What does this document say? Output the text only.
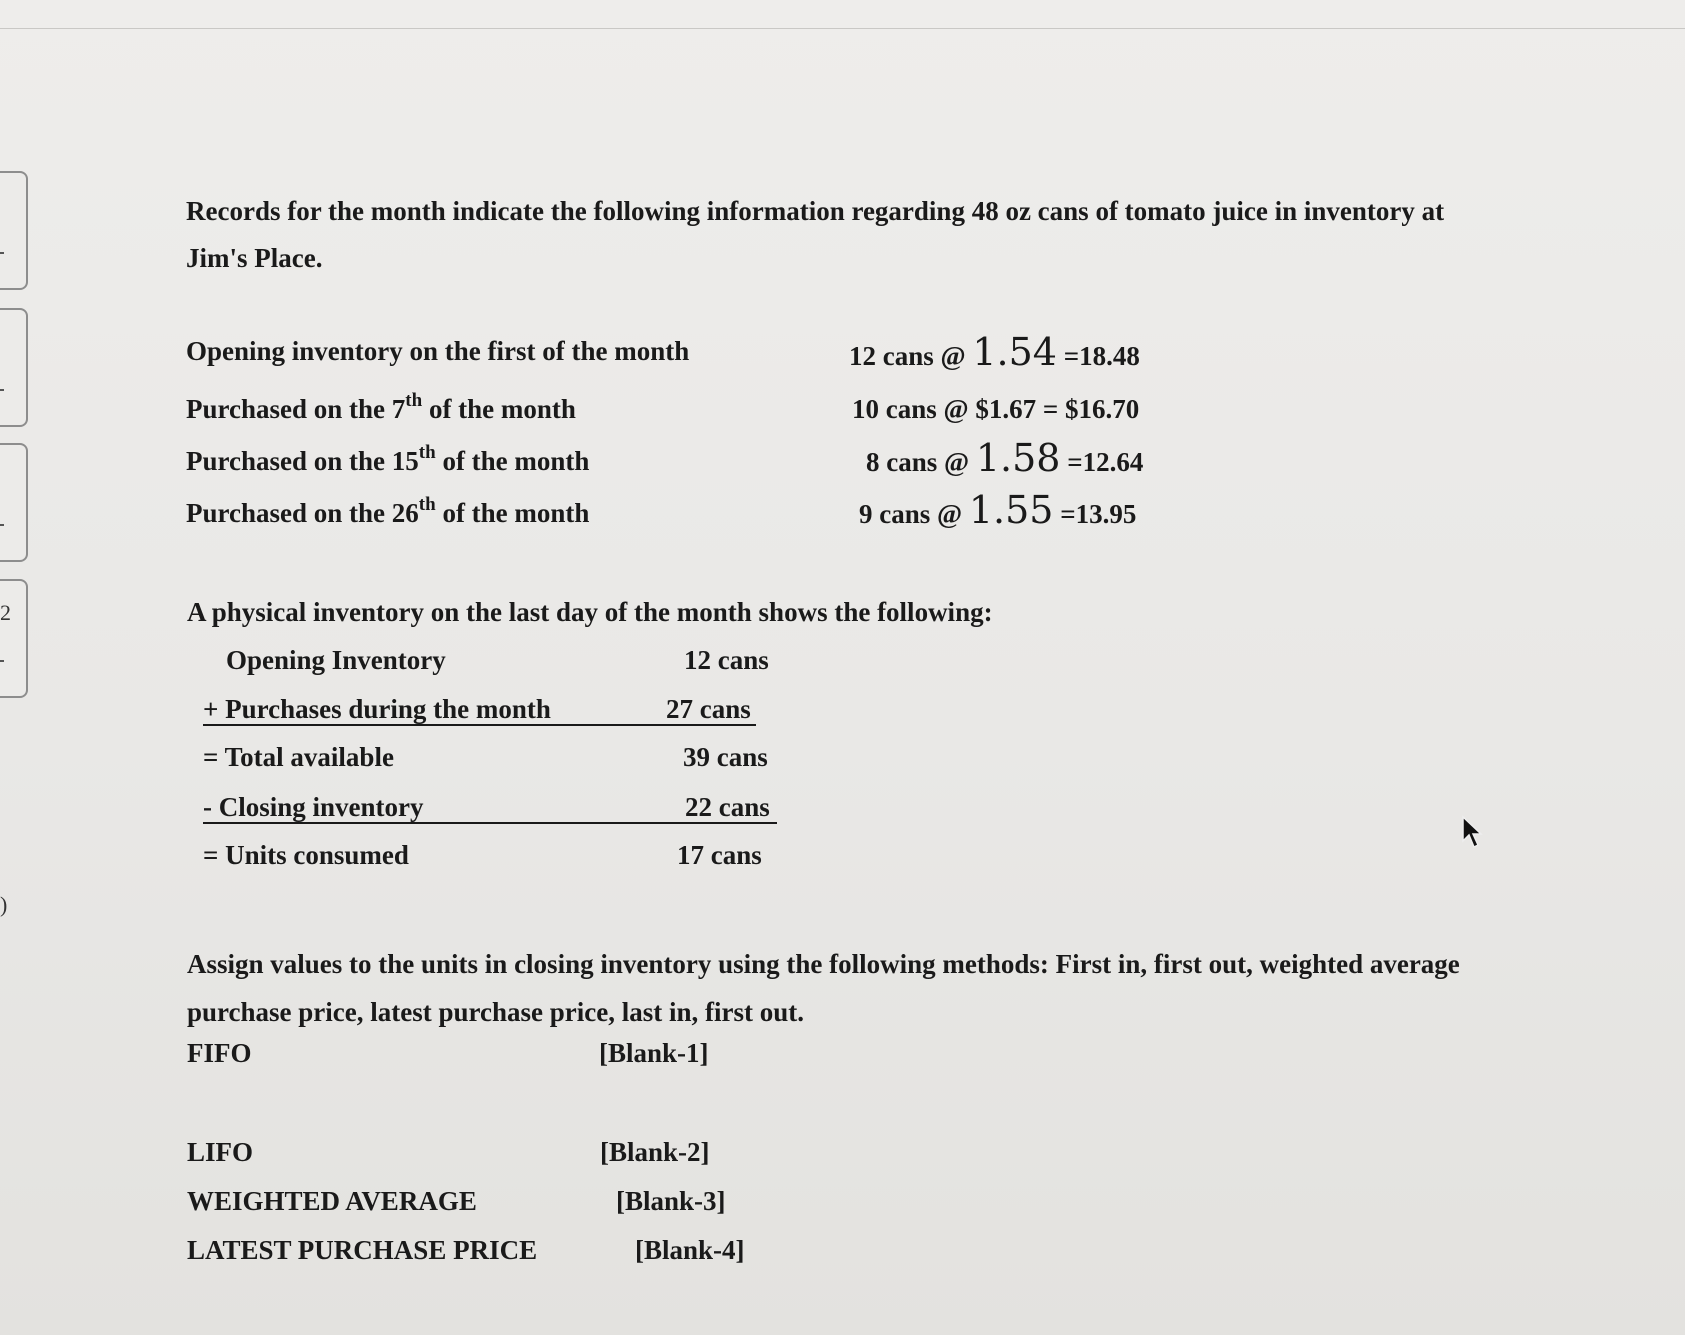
2
)
Records for the month indicate the following information regarding 48 oz cans of tomato juice in inventory at Jim's Place.
Opening inventory on the first of the month	12 cans @ 1.54 =18.48
Purchased on the 7th of the month	10 cans @ $1.67 = $16.70
Purchased on the 15th of the month	8 cans @ 1.58 =12.64
Purchased on the 26th of the month	9 cans @ 1.55 =13.95
A physical inventory on the last day of the month shows the following:
Opening Inventory	12 cans
+ Purchases during the month	27 cans
= Total available	39 cans
- Closing inventory	22 cans
= Units consumed	17 cans
Assign values to the units in closing inventory using the following methods: First in, first out, weighted average purchase price, latest purchase price, last in, first out.
FIFO	[Blank-1]
LIFO	[Blank-2]
WEIGHTED AVERAGE	[Blank-3]
LATEST PURCHASE PRICE	[Blank-4]
